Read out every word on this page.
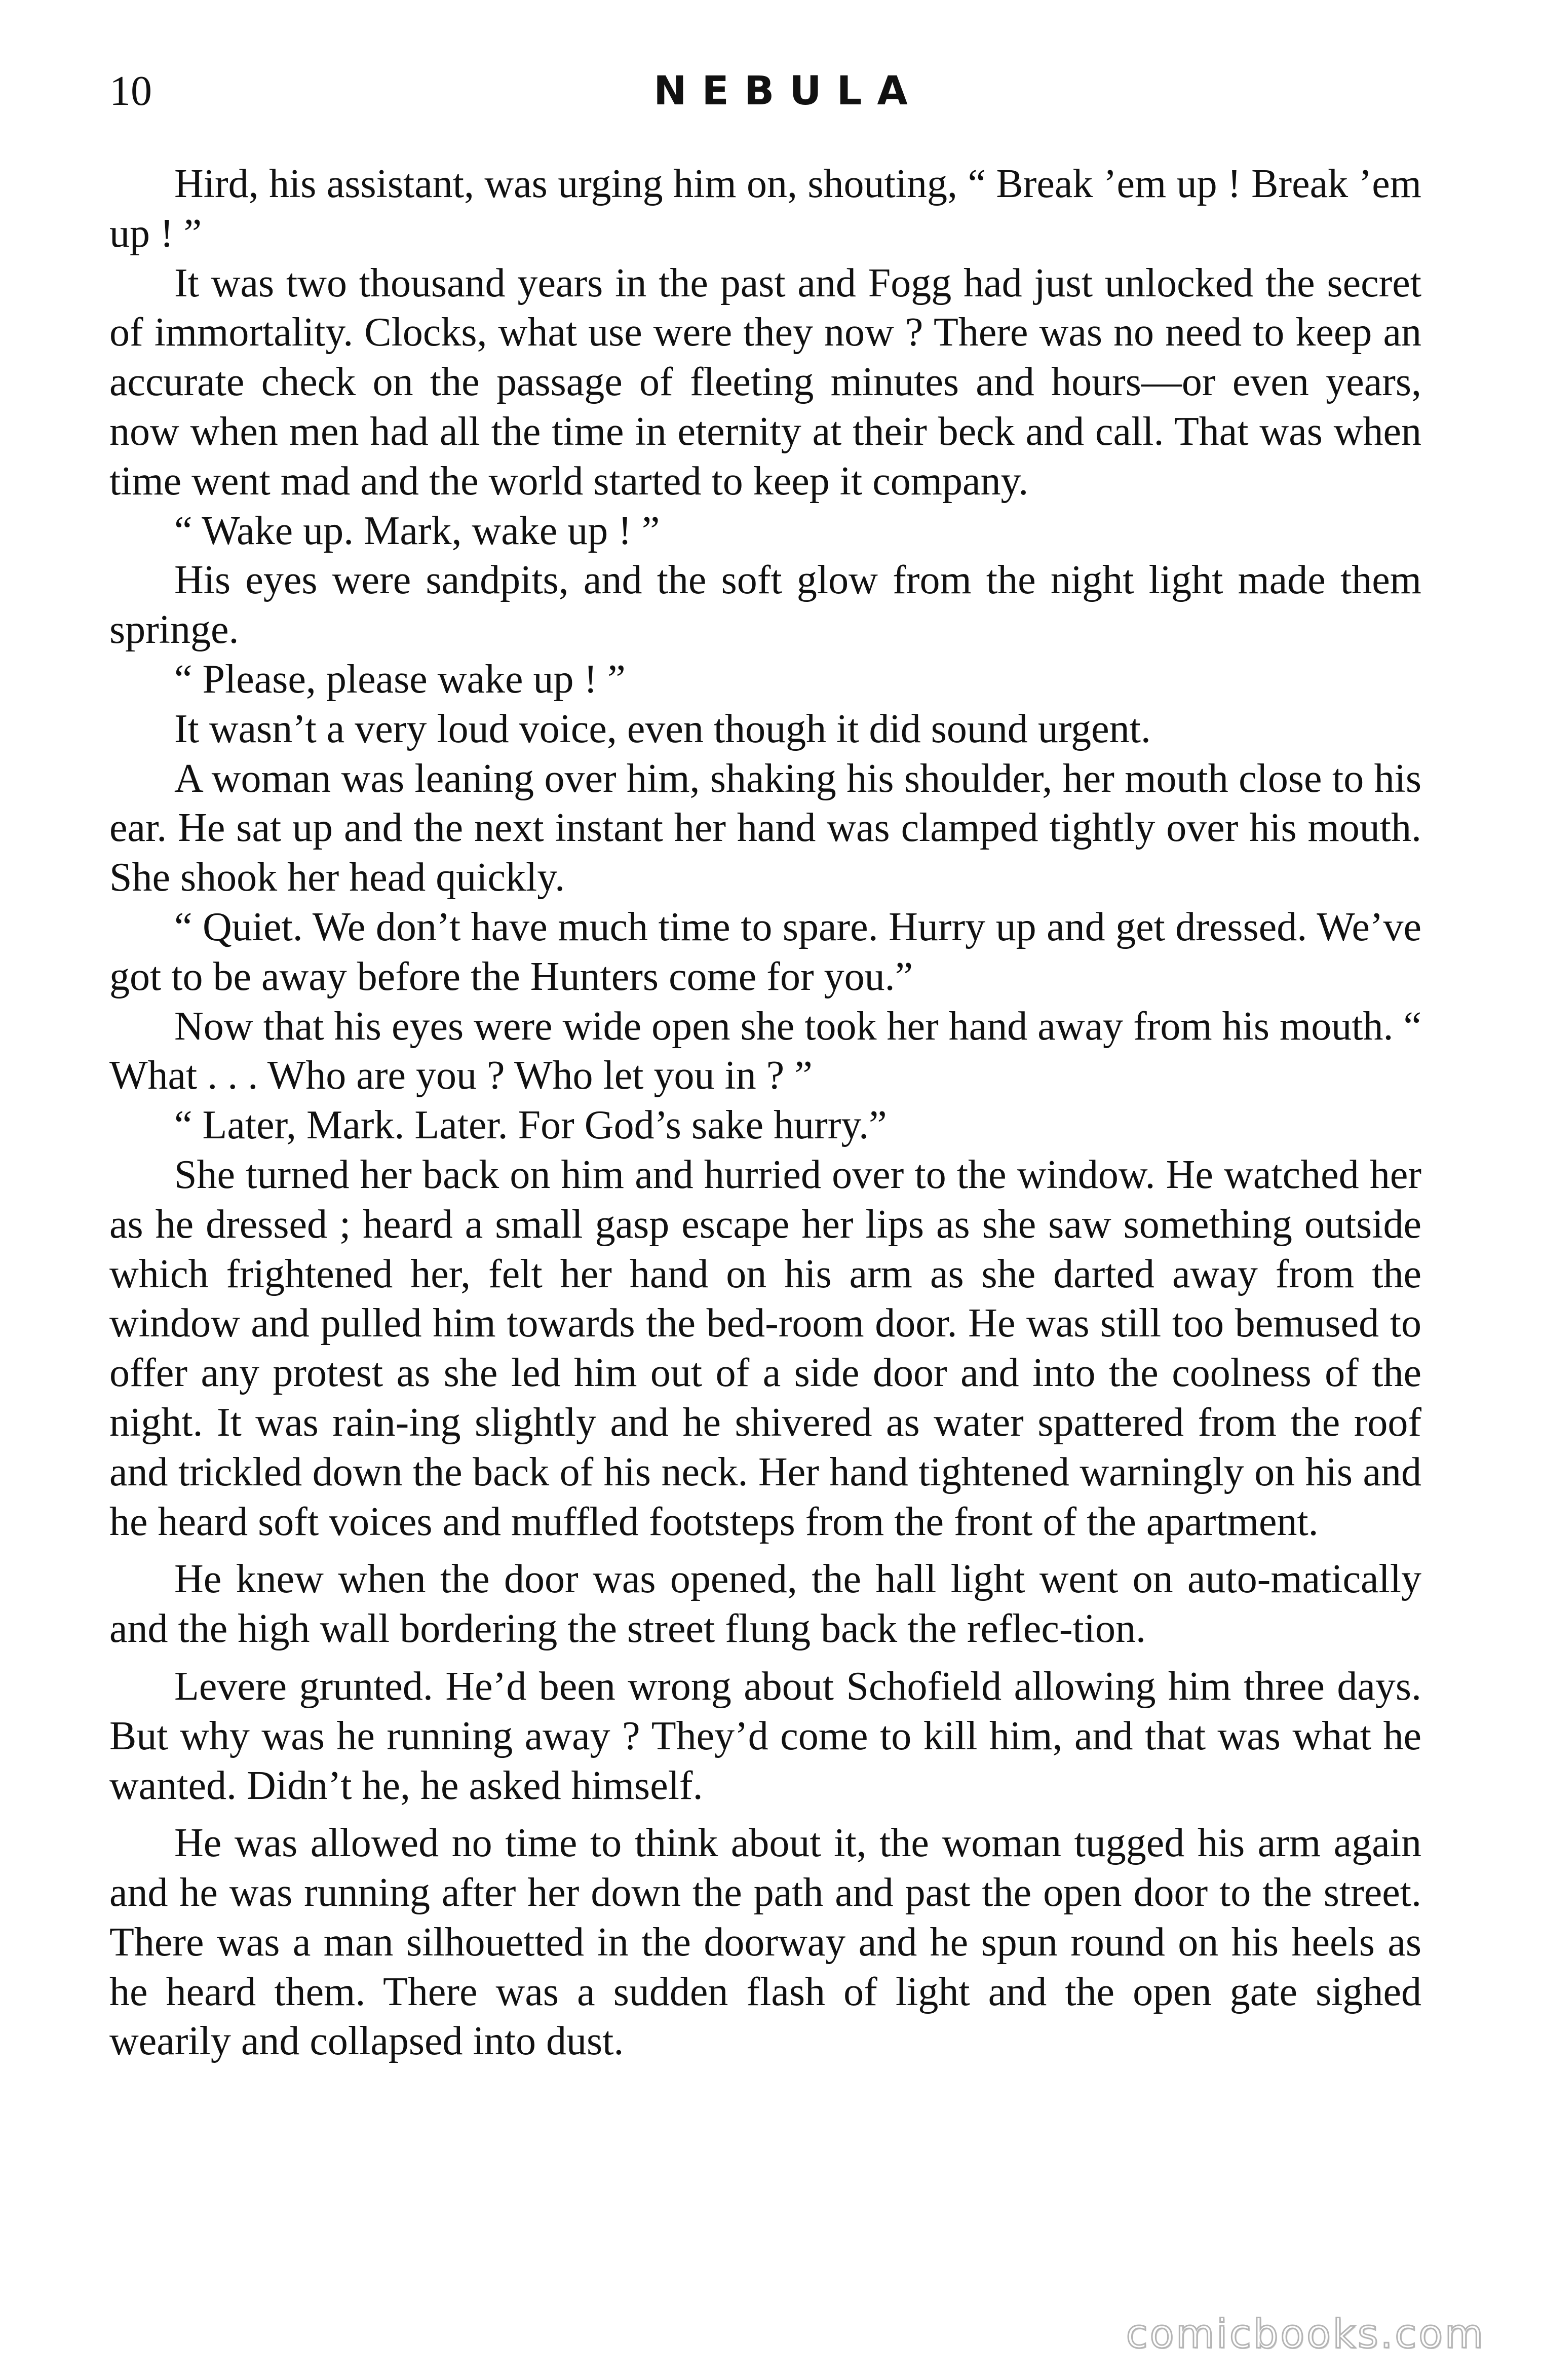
10	NEBULA

Hird, his assistant, was urging him on, shouting, “ Break ’em up ! Break ’em up ! ”

It was two thousand years in the past and Fogg had just unlocked the secret of immortality. Clocks, what use were they now ? There was no need to keep an accurate check on the passage of fleeting minutes and hours—or even years, now when men had all the time in eternity at their beck and call. That was when time went mad and the world started to keep it company.

“ Wake up. Mark, wake up ! ”

His eyes were sandpits, and the soft glow from the night light made them springe.

“ Please, please wake up ! ”

It wasn’t a very loud voice, even though it did sound urgent.

A woman was leaning over him, shaking his shoulder, her mouth close to his ear. He sat up and the next instant her hand was clamped tightly over his mouth. She shook her head quickly.

“ Quiet. We don’t have much time to spare. Hurry up and get dressed. We’ve got to be away before the Hunters come for you.”

Now that his eyes were wide open she took her hand away from his mouth. “ What . . . Who are you ? Who let you in ? ”

“ Later, Mark. Later. For God’s sake hurry.”

She turned her back on him and hurried over to the window. He watched her as he dressed ; heard a small gasp escape her lips as she saw something outside which frightened her, felt her hand on his arm as she darted away from the window and pulled him towards the bed-room door. He was still too bemused to offer any protest as she led him out of a side door and into the coolness of the night. It was rain-ing slightly and he shivered as water spattered from the roof and trickled down the back of his neck. Her hand tightened warningly on his and he heard soft voices and muffled footsteps from the front of the apartment.

He knew when the door was opened, the hall light went on auto-matically and the high wall bordering the street flung back the reflec-tion.

Levere grunted. He’d been wrong about Schofield allowing him three days. But why was he running away ? They’d come to kill him, and that was what he wanted. Didn’t he, he asked himself.

He was allowed no time to think about it, the woman tugged his arm again and he was running after her down the path and past the open door to the street. There was a man silhouetted in the doorway and he spun round on his heels as he heard them. There was a sudden flash of light and the open gate sighed wearily and collapsed into dust.

comicbooks.com
